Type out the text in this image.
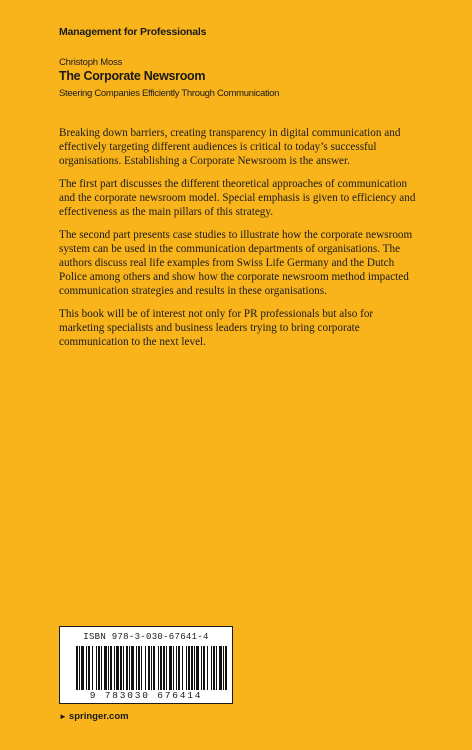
Management for Professionals
Christoph Moss
The Corporate Newsroom
Steering Companies Efficiently Through Communication

Breaking down barriers, creating transparency in digital communication and effectively targeting different audiences is critical to today’s successful organisations. Establishing a Corporate Newsroom is the answer.

The first part discusses the different theoretical approaches of communication and the corporate newsroom model. Special emphasis is given to efficiency and effectiveness as the main pillars of this strategy.

The second part presents case studies to illustrate how the corporate newsroom system can be used in the communication departments of organisations. The authors discuss real life examples from Swiss Life Germany and the Dutch Police among others and show how the corporate newsroom method impacted communication strategies and results in these organisations.

This book will be of interest not only for PR professionals but also for marketing specialists and business leaders trying to bring corporate communication to the next level.

ISBN 978-3-030-67641-4
9 783030 676414
► springer.com
